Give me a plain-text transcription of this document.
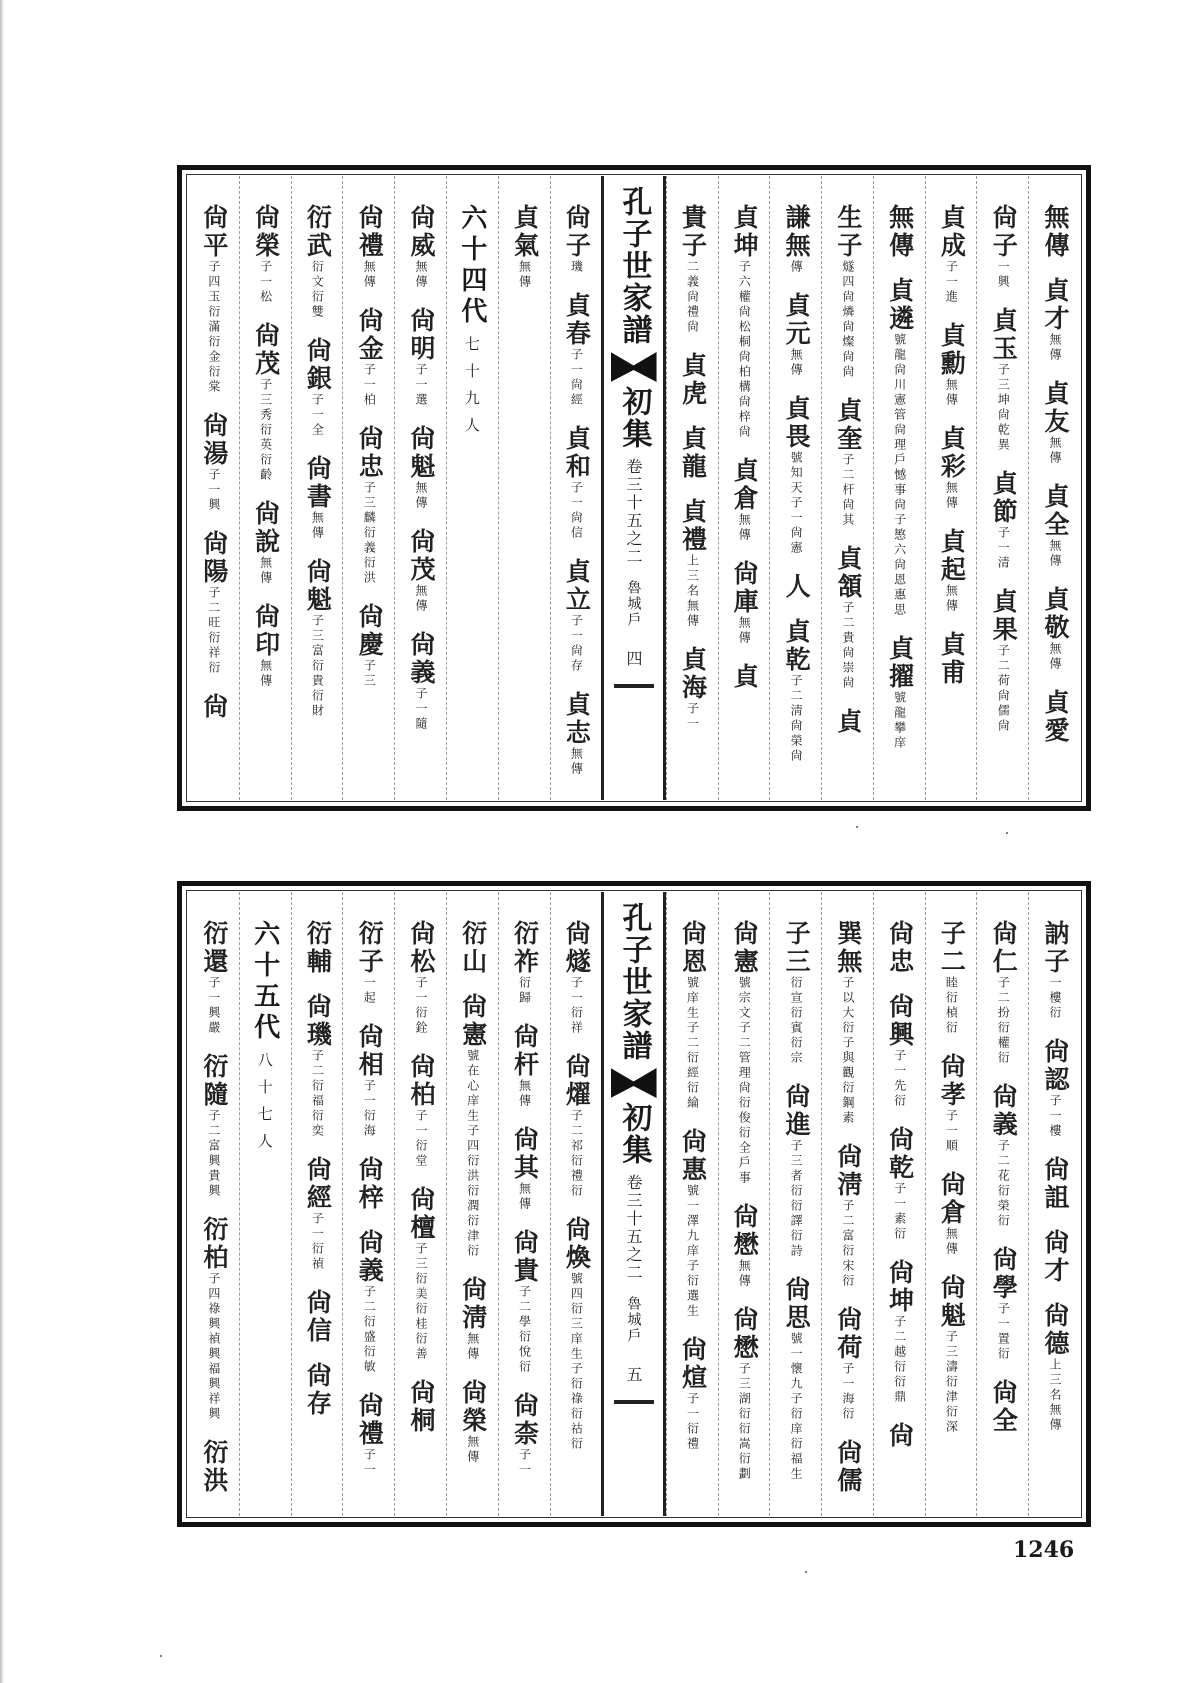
無傳　貞才無傳　貞友無傳　貞全無傳　貞敬無傳　貞愛
尙子一興　貞玉子三坤尙乾異　貞節子一清　貞果子二荷尙儒尙
貞成子一進　貞勳無傳　貞彩無傳　貞起無傳　貞甫
無傳　貞遴號龍尙川憲管尙理戶憾事尙子慜六尙恩惠思　貞擢號龍攀庠
生子燧四尙燐尙燦尙尙　貞奎子二杆尙其　貞頷子二貴尙崇尙　貞
謙無傳　貞元無傳　貞畏號知天子一尙憲　人　貞乾子二淸尙榮尙
貞坤子六權尙松桐尙柏構尙梓尙　貞倉無傳　尙庫無傳　貞
貴子二義尙禮尙　貞虎　貞龍　貞禮上三名無傳　貞海子一
孔子世家譜
初集
卷三十五之二
魯城戶
四
尙子璣　貞春子一尙經　貞和子一尙信　貞立子一尙存　貞志無傳
貞氣無傳
六十四代
七十九人
尙威無傳　尙明子一選　尙魁無傳　尙茂無傳　尙義子一隨
尙禮無傳　尙金子一柏　尙忠子三麟衍義衍洪　尙慶子三
衍武衍文衍雙　尙銀子一全　尙書無傳　尙魁子三富衍貴衍財
尙榮子一松　尙茂子三秀衍英衍齡　尙說無傳　尙印無傳
尙平子四玉衍滿衍金衍棠　尙湯子一興　尙陽子二旺衍祥衍　尙
訥子一樓衍　尙認子一樓　尙詛　尙才　尙德上三名無傳
尙仁子二扮衍權衍　尙義子二花衍榮衍　尙學子一置衍　尙全
子二睦衍楨衍　尙孝子一順　尙倉無傳　尙魁子三濤衍津衍深
尙忠　尙興子一先衍　尙乾子一素衍　尙坤子二越衍衍鼎　尙
巽無子以大衍子與觀衍鋼素　尙淸子二富衍宋衍　尙荷子一海衍　尙儒
子三衍宣衍賓衍宗　尙進子三者衍衍譯衍詩　尙思號一懷九子衍庠衍福生
尙憲號宗文子二管理尙衍俊衍全戶事　尙懋無傳　尙懋子三湖衍衍嵩衍劃
尙恩號庠生子二衍經衍綸　尙惠號一澤九庠子衍選生　尙煊子一衍禮
孔子世家譜
初集
卷三十五之二
魯城戶
五
尙燧子一衍祥　尙燿子二祁衍禮衍　尙煥號四衍三庠生子衍祿衍祜衍
衍祚衍歸　尙杆無傳　尙其無傳　尙貴子二學衍悅衍　尙柰子一
衍山　尙憲號在心庠生子四衍洪衍潤衍津衍　尙淸無傳　尙榮無傳
尙松子一衍銓　尙柏子一衍堂　尙檀子三衍美衍桂衍善　尙桐
衍子一起　尙相子一衍海　尙梓　尙義子二衍盛衍敏　尙禮子一
衍輔　尙璣子二衍福衍奕　尙經子一衍禎　尙信　尙存
六十五代
八十七人
衍還子一興嚴　衍隨子二富興貴興　衍柏子四祿興禎興福興祥興　衍洪
1246
